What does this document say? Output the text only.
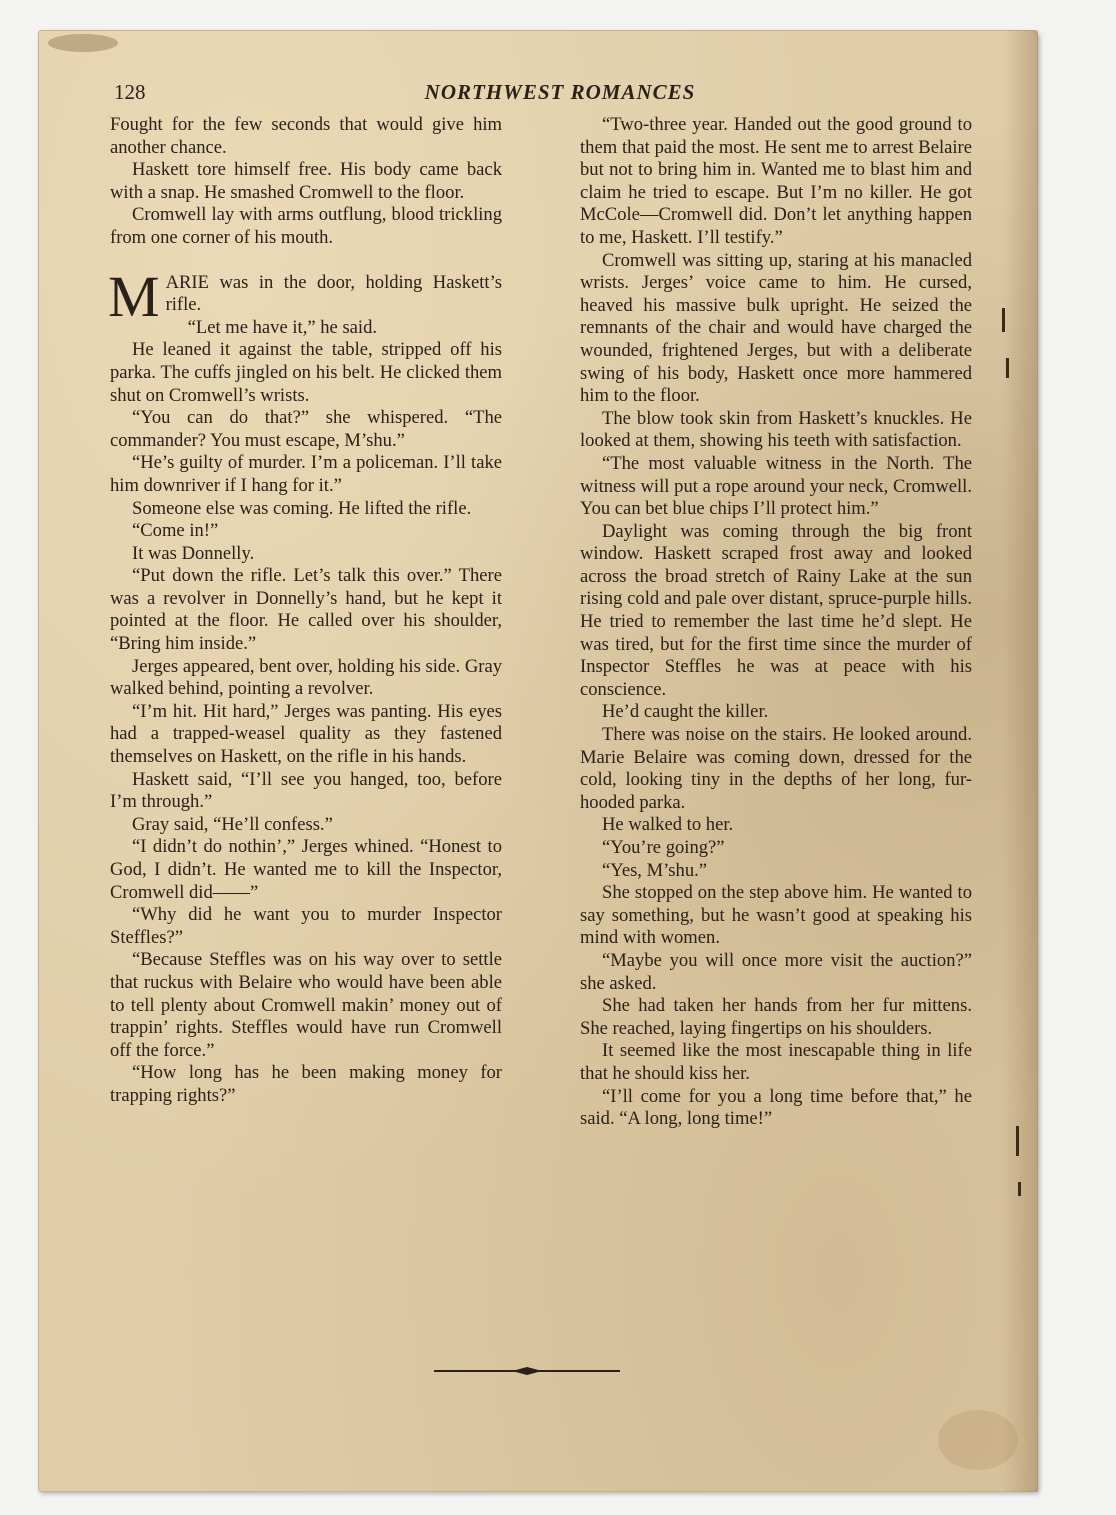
128	NORTHWEST ROMANCES

Fought for the few seconds that would give him another chance.

Haskett tore himself free. His body came back with a snap. He smashed Cromwell to the floor.

Cromwell lay with arms outflung, blood trickling from one corner of his mouth.

MARIE was in the door, holding Haskett’s rifle.

“Let me have it,” he said.

He leaned it against the table, stripped off his parka. The cuffs jingled on his belt. He clicked them shut on Cromwell’s wrists.

“You can do that?” she whispered. “The commander? You must escape, M’shu.”

“He’s guilty of murder. I’m a policeman. I’ll take him downriver if I hang for it.”

Someone else was coming. He lifted the rifle.

“Come in!”

It was Donnelly.

“Put down the rifle. Let’s talk this over.” There was a revolver in Donnelly’s hand, but he kept it pointed at the floor. He called over his shoulder, “Bring him inside.”

Jerges appeared, bent over, holding his side. Gray walked behind, pointing a revolver.

“I’m hit. Hit hard,” Jerges was panting. His eyes had a trapped-weasel quality as they fastened themselves on Haskett, on the rifle in his hands.

Haskett said, “I’ll see you hanged, too, before I’m through.”

Gray said, “He’ll confess.”

“I didn’t do nothin’,” Jerges whined. “Honest to God, I didn’t. He wanted me to kill the Inspector, Cromwell did——”

“Why did he want you to murder Inspector Steffles?”

“Because Steffles was on his way over to settle that ruckus with Belaire who would have been able to tell plenty about Cromwell makin’ money out of trappin’ rights. Steffles would have run Cromwell off the force.”

“How long has he been making money for trapping rights?”

“Two-three year. Handed out the good ground to them that paid the most. He sent me to arrest Belaire but not to bring him in. Wanted me to blast him and claim he tried to escape. But I’m no killer. He got McCole—Cromwell did. Don’t let anything happen to me, Haskett. I’ll testify.”

Cromwell was sitting up, staring at his manacled wrists. Jerges’ voice came to him. He cursed, heaved his massive bulk upright. He seized the remnants of the chair and would have charged the wounded, frightened Jerges, but with a deliberate swing of his body, Haskett once more hammered him to the floor.

The blow took skin from Haskett’s knuckles. He looked at them, showing his teeth with satisfaction.

“The most valuable witness in the North. The witness will put a rope around your neck, Cromwell. You can bet blue chips I’ll protect him.”

Daylight was coming through the big front window. Haskett scraped frost away and looked across the broad stretch of Rainy Lake at the sun rising cold and pale over distant, spruce-purple hills. He tried to remember the last time he’d slept. He was tired, but for the first time since the murder of Inspector Steffles he was at peace with his conscience.

He’d caught the killer.

There was noise on the stairs. He looked around. Marie Belaire was coming down, dressed for the cold, looking tiny in the depths of her long, fur-hooded parka.

He walked to her.

“You’re going?”

“Yes, M’shu.”

She stopped on the step above him. He wanted to say something, but he wasn’t good at speaking his mind with women.

“Maybe you will once more visit the auction?” she asked.

She had taken her hands from her fur mittens. She reached, laying fingertips on his shoulders.

It seemed like the most inescapable thing in life that he should kiss her.

“I’ll come for you a long time before that,” he said. “A long, long time!”
